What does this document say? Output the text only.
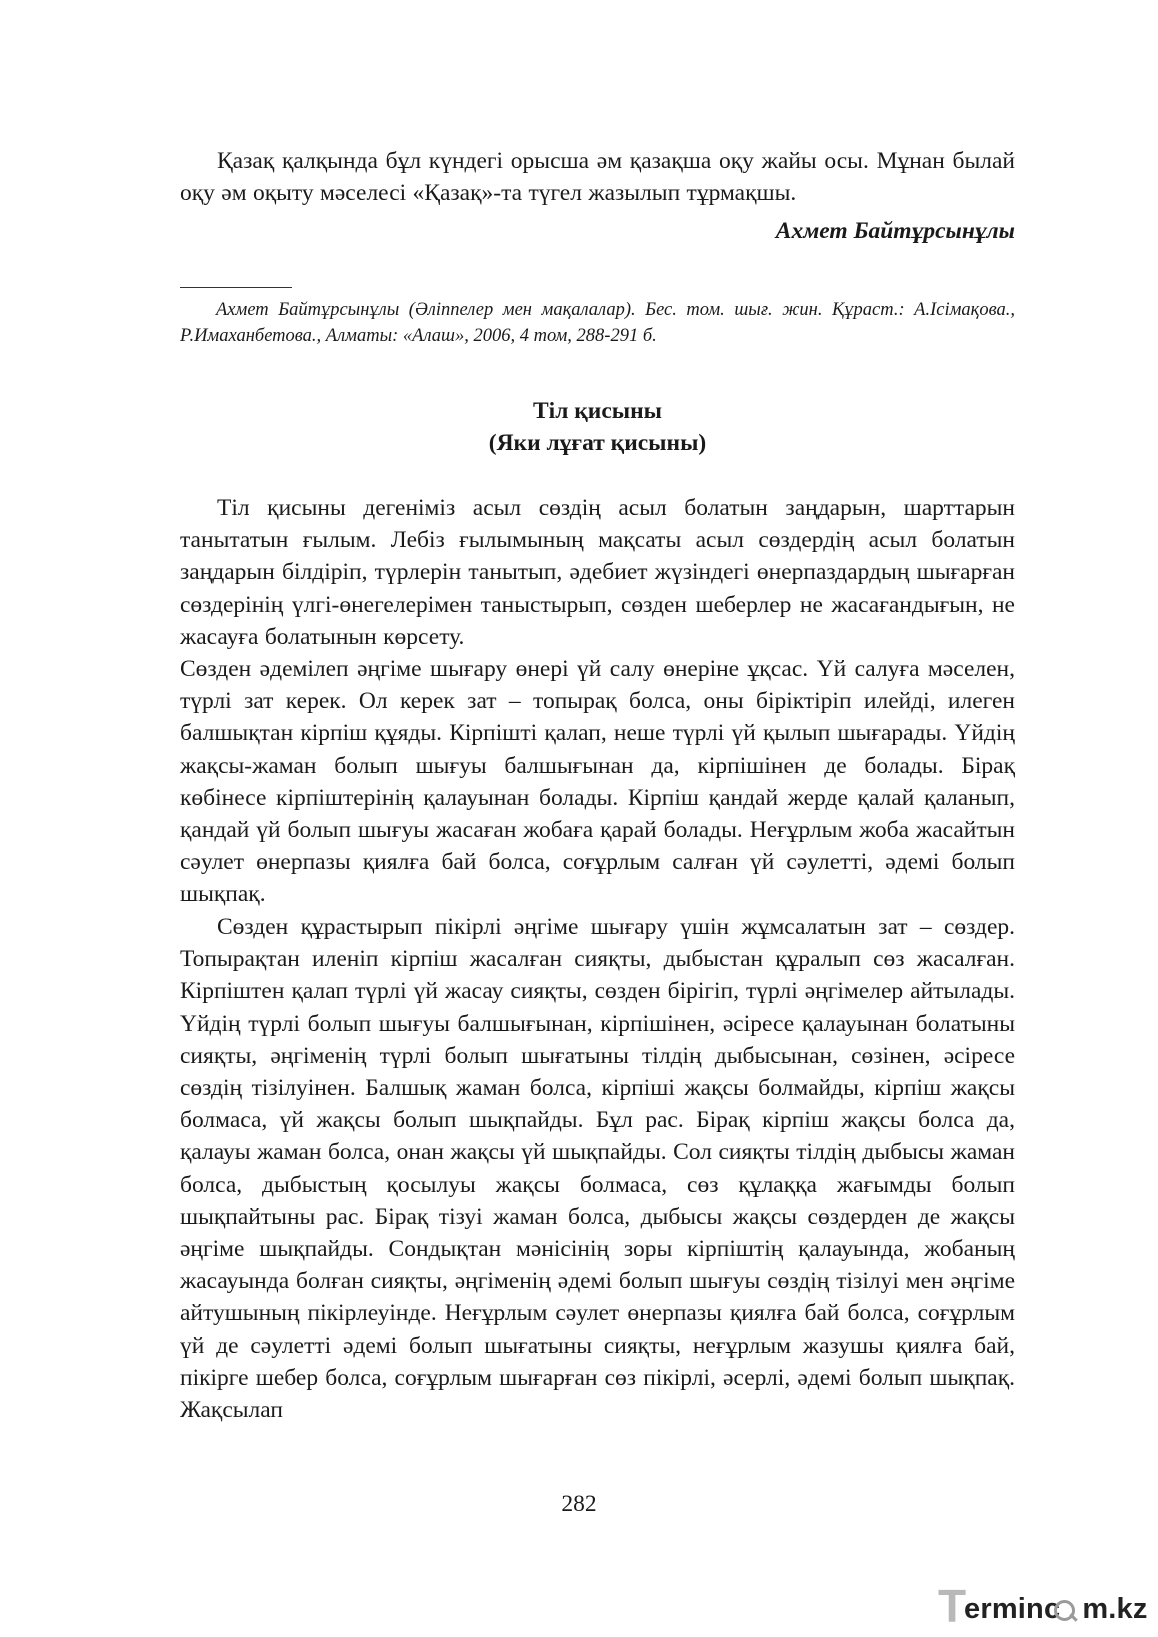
Қазақ қалқында бұл күндегі орысша әм қазақша оқу жайы осы. Мұнан былай оқу әм оқыту мәселесі «Қазақ»-та түгел жазылып тұрмақшы.

Ахмет Байтұрсынұлы

Ахмет Байтұрсынұлы (Әліппелер мен мақалалар). Бес. том. шығ. жин. Құраст.: А.Ісімақова., Р.Имаханбетова., Алматы: «Алаш», 2006, 4 том, 288-291 б.

Тіл қисыны
(Яки лұғат қисыны)

Тіл қисыны дегеніміз асыл сөздің асыл болатын заңдарын, шарттарын танытатын ғылым. Лебіз ғылымының мақсаты асыл сөздердің асыл болатын заңдарын білдіріп, түрлерін танытып, әдебиет жүзіндегі өнерпаздардың шығарған сөздерінің үлгі-өнегелерімен таныстырып, сөзден шеберлер не жасағандығын, не жасауға болатынын көрсету.

Сөзден әдемілеп әңгіме шығару өнері үй салу өнеріне ұқсас. Үй салуға мәселен, түрлі зат керек. Ол керек зат – топырақ болса, оны біріктіріп илейді, илеген балшықтан кірпіш құяды. Кірпішті қалап, неше түрлі үй қылып шығарады. Үйдің жақсы-жаман болып шығуы балшығынан да, кірпішінен де болады. Бірақ көбінесе кірпіштерінің қалауынан болады. Кірпіш қандай жерде қалай қаланып, қандай үй болып шығуы жасаған жобаға қарай болады. Неғұрлым жоба жасайтын сәулет өнерпазы қиялға бай болса, соғұрлым салған үй сәулетті, әдемі болып шықпақ.

Сөзден құрастырып пікірлі әңгіме шығару үшін жұмсалатын зат – сөздер. Топырақтан иленіп кірпіш жасалған сияқты, дыбыстан құралып сөз жасалған. Кірпіштен қалап түрлі үй жасау сияқты, сөзден бірігіп, түрлі әңгімелер айтылады. Үйдің түрлі болып шығуы балшығынан, кірпішінен, әсіресе қалауынан болатыны сияқты, әңгіменің түрлі болып шығатыны тілдің дыбысынан, сөзінен, әсіресе сөздің тізілуінен. Балшық жаман болса, кірпіші жақсы болмайды, кірпіш жақсы болмаса, үй жақсы болып шықпайды. Бұл рас. Бірақ кірпіш жақсы болса да, қалауы жаман болса, онан жақсы үй шықпайды. Сол сияқты тілдің дыбысы жаман болса, дыбыстың қосылуы жақсы болмаса, сөз құлаққа жағымды болып шықпайтыны рас. Бірақ тізуі жаман болса, дыбысы жақсы сөздерден де жақсы әңгіме шықпайды. Сондықтан мәнісінің зоры кірпіштің қалауында, жобаның жасауында болған сияқты, әңгіменің әдемі болып шығуы сөздің тізілуі мен әңгіме айтушының пікірлеуінде. Неғұрлым сәулет өнерпазы қиялға бай болса, соғұрлым үй де сәулетті әдемі болып шығатыны сияқты, неғұрлым жазушы қиялға бай, пікірге шебер болса, соғұрлым шығарған сөз пікірлі, әсерлі, әдемі болып шықпақ. Жақсылап

282
T
erminc m.kz
